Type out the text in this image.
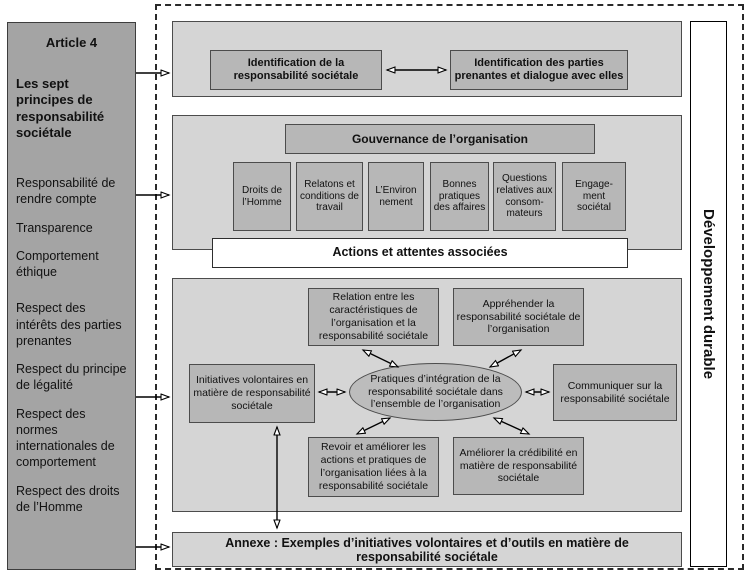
Article 4
Les sept principes de responsabilité sociétale
Responsabilité de rendre compte
Transparence
Comportement éthique
Respect des intérêts des parties prenantes
Respect du principe de légalité
Respect des normes internationales de comportement
Respect des droits de l’Homme
Identification de la responsabilité sociétale
Identification des parties prenantes et dialogue avec elles
Gouvernance de l’organisation
Droits de l’Homme
Relatons et conditions de travail
L’Environ nement
Bonnes pratiques des affaires
Questions relatives aux consom- mateurs
Engage- ment sociétal
Actions et attentes associées
Relation entre les caractéristiques de l’organisation et la responsabilité sociétale
Appréhender la responsabilité sociétale de l’organisation
Initiatives volontaires en matière de responsabilité sociétale
Pratiques d’intégration de la responsabilité sociétale dans l’ensemble de l’organisation
Communiquer sur la responsabilité sociétale
Revoir et améliorer les actions et pratiques de l’organisation liées à la responsabilité sociétale
Améliorer la crédibilité en matière de responsabilité sociétale
Annexe : Exemples d’initiatives volontaires et d’outils en matière de responsabilité sociétale
Développement durable
